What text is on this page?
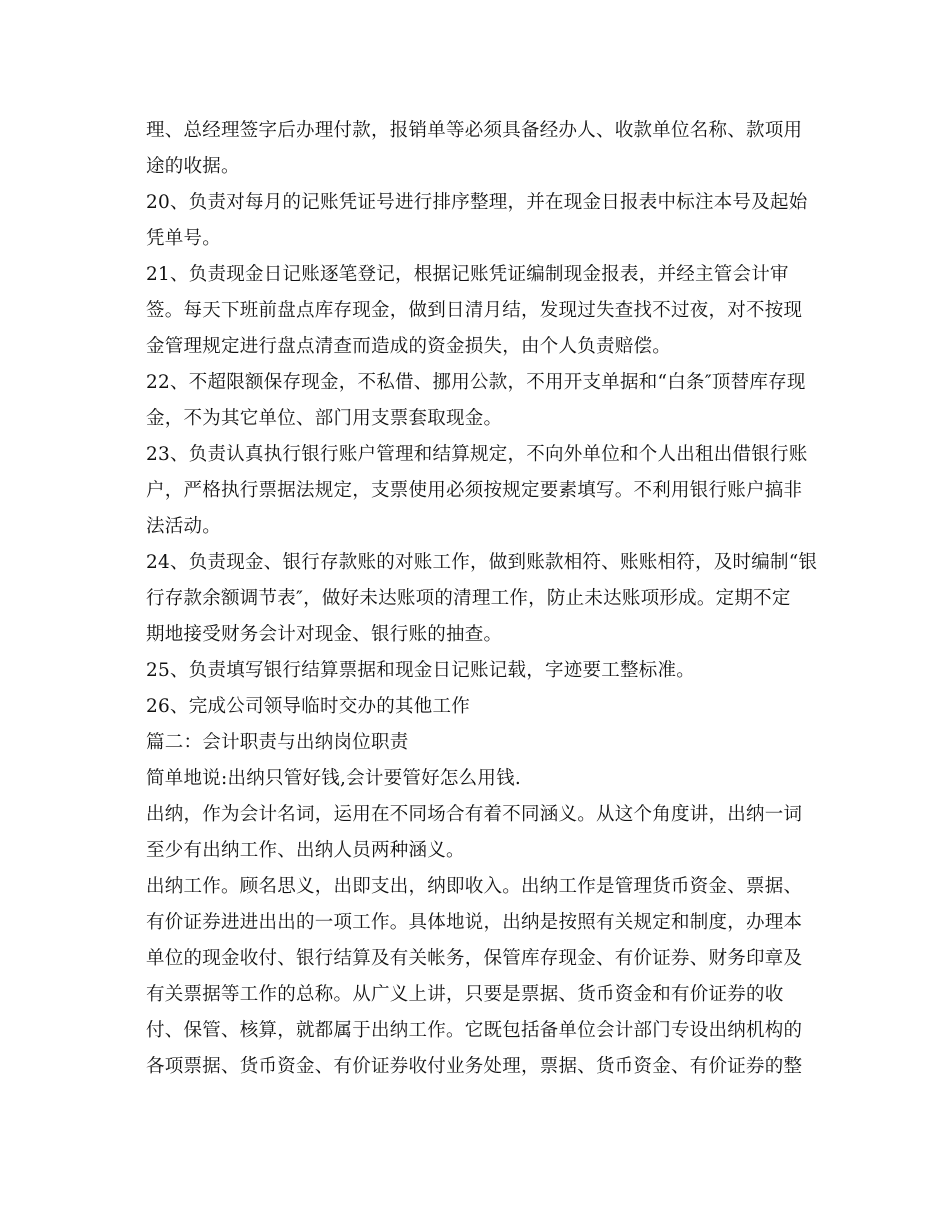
理、总经理签字后办理付款，报销单等必须具备经办人、收款单位名称、款项用
途的收据。
20、负责对每月的记账凭证号进行排序整理，并在现金日报表中标注本号及起始
凭单号。
21、负责现金日记账逐笔登记，根据记账凭证编制现金报表，并经主管会计审
签。每天下班前盘点库存现金，做到日清月结，发现过失查找不过夜，对不按现
金管理规定进行盘点清查而造成的资金损失，由个人负责赔偿。
22、不超限额保存现金，不私借、挪用公款，不用开支单据和“白条″顶替库存现
金，不为其它单位、部门用支票套取现金。
23、负责认真执行银行账户管理和结算规定，不向外单位和个人出租出借银行账
户，严格执行票据法规定，支票使用必须按规定要素填写。不利用银行账户搞非
法活动。
24、负责现金、银行存款账的对账工作，做到账款相符、账账相符，及时编制“银
行存款余额调节表″，做好未达账项的清理工作，防止未达账项形成。定期不定
期地接受财务会计对现金、银行账的抽查。
25、负责填写银行结算票据和现金日记账记载，字迹要工整标准。
26、完成公司领导临时交办的其他工作
篇二：会计职责与出纳岗位职责
简单地说:出纳只管好钱,会计要管好怎么用钱.
出纳，作为会计名词，运用在不同场合有着不同涵义。从这个角度讲，出纳一词
至少有出纳工作、出纳人员两种涵义。
出纳工作。顾名思义，出即支出，纳即收入。出纳工作是管理货币资金、票据、
有价证券进进出出的一项工作。具体地说，出纳是按照有关规定和制度，办理本
单位的现金收付、银行结算及有关帐务，保管库存现金、有价证券、财务印章及
有关票据等工作的总称。从广义上讲，只要是票据、货币资金和有价证券的收
付、保管、核算，就都属于出纳工作。它既包括备单位会计部门专设出纳机构的
各项票据、货币资金、有价证券收付业务处理，票据、货币资金、有价证券的整
